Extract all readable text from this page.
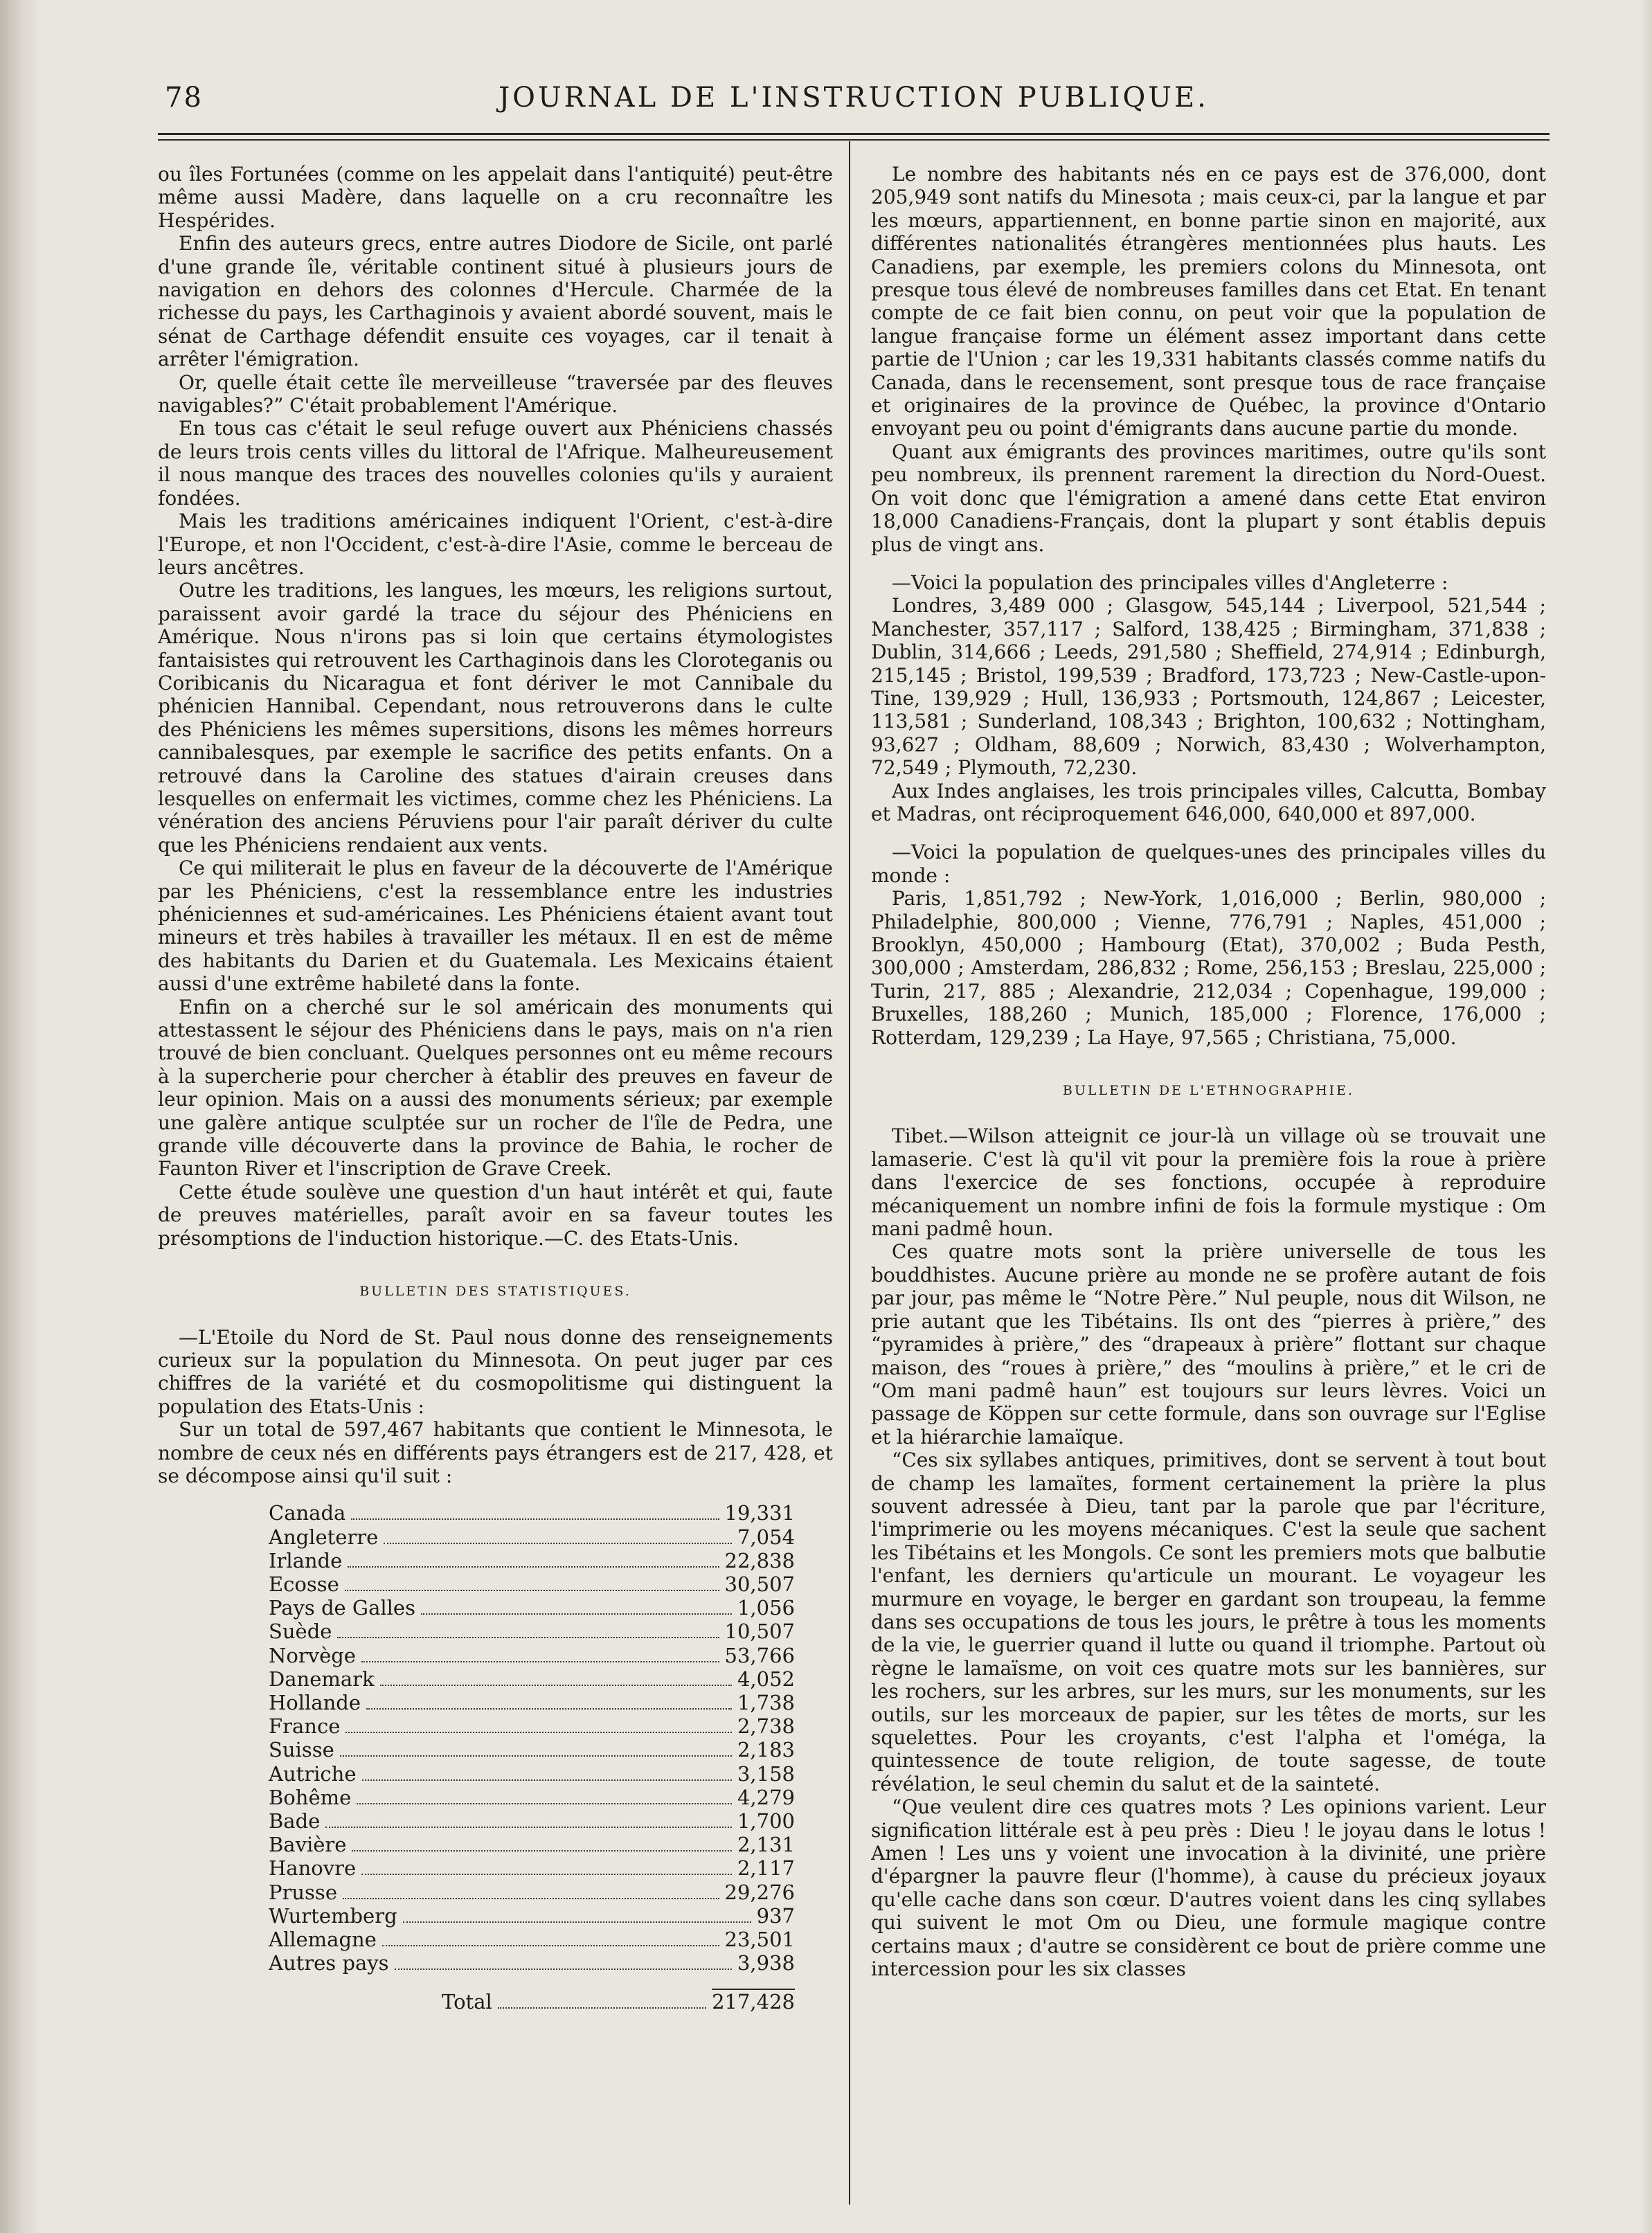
78	JOURNAL DE L'INSTRUCTION PUBLIQUE.

ou îles Fortunées (comme on les appelait dans l'antiquité) peut-être même aussi Madère, dans laquelle on a cru reconnaître les Hespérides.

Enfin des auteurs grecs, entre autres Diodore de Sicile, ont parlé d'une grande île, véritable continent situé à plusieurs jours de navigation en dehors des colonnes d'Hercule. Charmée de la richesse du pays, les Carthaginois y avaient abordé souvent, mais le sénat de Carthage défendit ensuite ces voyages, car il tenait à arrêter l'émigration.

Or, quelle était cette île merveilleuse “traversée par des fleuves navigables?” C'était probablement l'Amérique.

En tous cas c'était le seul refuge ouvert aux Phéniciens chassés de leurs trois cents villes du littoral de l'Afrique. Malheureusement il nous manque des traces des nouvelles colonies qu'ils y auraient fondées.

Mais les traditions américaines indiquent l'Orient, c'est-à-dire l'Europe, et non l'Occident, c'est-à-dire l'Asie, comme le berceau de leurs ancêtres.

Outre les traditions, les langues, les mœurs, les religions surtout, paraissent avoir gardé la trace du séjour des Phéniciens en Amérique. Nous n'irons pas si loin que certains étymologistes fantaisistes qui retrouvent les Carthaginois dans les Cloroteganis ou Coribicanis du Nicaragua et font dériver le mot Cannibale du phénicien Hannibal. Cependant, nous retrouverons dans le culte des Phéniciens les mêmes supersitions, disons les mêmes horreurs cannibalesques, par exemple le sacrifice des petits enfants. On a retrouvé dans la Caroline des statues d'airain creuses dans lesquelles on enfermait les victimes, comme chez les Phéniciens. La vénération des anciens Péruviens pour l'air paraît dériver du culte que les Phéniciens rendaient aux vents.

Ce qui militerait le plus en faveur de la découverte de l'Amérique par les Phéniciens, c'est la ressemblance entre les industries phéniciennes et sud-américaines. Les Phéniciens étaient avant tout mineurs et très habiles à travailler les métaux. Il en est de même des habitants du Darien et du Guatemala. Les Mexicains étaient aussi d'une extrême habileté dans la fonte.

Enfin on a cherché sur le sol américain des monuments qui attestassent le séjour des Phéniciens dans le pays, mais on n'a rien trouvé de bien concluant. Quelques personnes ont eu même recours à la supercherie pour chercher à établir des preuves en faveur de leur opinion. Mais on a aussi des monuments sérieux; par exemple une galère antique sculptée sur un rocher de l'île de Pedra, une grande ville découverte dans la province de Bahia, le rocher de Faunton River et l'inscription de Grave Creek.

Cette étude soulève une question d'un haut intérêt et qui, faute de preuves matérielles, paraît avoir en sa faveur toutes les présomptions de l'induction historique.—C. des Etats-Unis.

BULLETIN DES STATISTIQUES.

—L'Etoile du Nord de St. Paul nous donne des renseignements curieux sur la population du Minnesota. On peut juger par ces chiffres de la variété et du cosmopolitisme qui distinguent la population des Etats-Unis :

Sur un total de 597,467 habitants que contient le Minnesota, le nombre de ceux nés en différents pays étrangers est de 217, 428, et se décompose ainsi qu'il suit :

Canada	19,331
Angleterre	7,054
Irlande	22,838
Ecosse	30,507
Pays de Galles	1,056
Suède	10,507
Norvège	53,766
Danemark	4,052
Hollande	1,738
France	2,738
Suisse	2,183
Autriche	3,158
Bohême	4,279
Bade	1,700
Bavière	2,131
Hanovre	2,117
Prusse	29,276
Wurtemberg	937
Allemagne	23,501
Autres pays	3,938
Total	217,428

Le nombre des habitants nés en ce pays est de 376,000, dont 205,949 sont natifs du Minesota ; mais ceux-ci, par la langue et par les mœurs, appartiennent, en bonne partie sinon en majorité, aux différentes nationalités étrangères mentionnées plus hauts. Les Canadiens, par exemple, les premiers colons du Minnesota, ont presque tous élevé de nombreuses familles dans cet Etat. En tenant compte de ce fait bien connu, on peut voir que la population de langue française forme un élément assez important dans cette partie de l'Union ; car les 19,331 habitants classés comme natifs du Canada, dans le recensement, sont presque tous de race française et originaires de la province de Québec, la province d'Ontario envoyant peu ou point d'émigrants dans aucune partie du monde.

Quant aux émigrants des provinces maritimes, outre qu'ils sont peu nombreux, ils prennent rarement la direction du Nord-Ouest. On voit donc que l'émigration a amené dans cette Etat environ 18,000 Canadiens-Français, dont la plupart y sont établis depuis plus de vingt ans.

—Voici la population des principales villes d'Angleterre :

Londres, 3,489 000 ; Glasgow, 545,144 ; Liverpool, 521,544 ; Manchester, 357,117 ; Salford, 138,425 ; Birmingham, 371,838 ; Dublin, 314,666 ; Leeds, 291,580 ; Sheffield, 274,914 ; Edinburgh, 215,145 ; Bristol, 199,539 ; Bradford, 173,723 ; New-Castle-upon-Tine, 139,929 ; Hull, 136,933 ; Portsmouth, 124,867 ; Leicester, 113,581 ; Sunderland, 108,343 ; Brighton, 100,632 ; Nottingham, 93,627 ; Oldham, 88,609 ; Norwich, 83,430 ; Wolverhampton, 72,549 ; Plymouth, 72,230.

Aux Indes anglaises, les trois principales villes, Calcutta, Bombay et Madras, ont réciproquement 646,000, 640,000 et 897,000.

—Voici la population de quelques-unes des principales villes du monde :

Paris, 1,851,792 ; New-York, 1,016,000 ; Berlin, 980,000 ; Philadelphie, 800,000 ; Vienne, 776,791 ; Naples, 451,000 ; Brooklyn, 450,000 ; Hambourg (Etat), 370,002 ; Buda Pesth, 300,000 ; Amsterdam, 286,832 ; Rome, 256,153 ; Breslau, 225,000 ; Turin, 217, 885 ; Alexandrie, 212,034 ; Copenhague, 199,000 ; Bruxelles, 188,260 ; Munich, 185,000 ; Florence, 176,000 ; Rotterdam, 129,239 ; La Haye, 97,565 ; Christiana, 75,000.

BULLETIN DE L'ETHNOGRAPHIE.

Tibet.—Wilson atteignit ce jour-là un village où se trouvait une lamaserie. C'est là qu'il vit pour la première fois la roue à prière dans l'exercice de ses fonctions, occupée à reproduire mécaniquement un nombre infini de fois la formule mystique : Om mani padmê houn.

Ces quatre mots sont la prière universelle de tous les bouddhistes. Aucune prière au monde ne se profère autant de fois par jour, pas même le “Notre Père.” Nul peuple, nous dit Wilson, ne prie autant que les Tibétains. Ils ont des “pierres à prière,” des “pyramides à prière,” des “drapeaux à prière” flottant sur chaque maison, des “roues à prière,” des “moulins à prière,” et le cri de “Om mani padmê haun” est toujours sur leurs lèvres. Voici un passage de Köppen sur cette formule, dans son ouvrage sur l'Eglise et la hiérarchie lamaïque.

“Ces six syllabes antiques, primitives, dont se servent à tout bout de champ les lamaïtes, forment certainement la prière la plus souvent adressée à Dieu, tant par la parole que par l'écriture, l'imprimerie ou les moyens mécaniques. C'est la seule que sachent les Tibétains et les Mongols. Ce sont les premiers mots que balbutie l'enfant, les derniers qu'articule un mourant. Le voyageur les murmure en voyage, le berger en gardant son troupeau, la femme dans ses occupations de tous les jours, le prêtre à tous les moments de la vie, le guerrier quand il lutte ou quand il triomphe. Partout où règne le lamaïsme, on voit ces quatre mots sur les bannières, sur les rochers, sur les arbres, sur les murs, sur les monuments, sur les outils, sur les morceaux de papier, sur les têtes de morts, sur les squelettes. Pour les croyants, c'est l'alpha et l'oméga, la quintessence de toute religion, de toute sagesse, de toute révélation, le seul chemin du salut et de la sainteté.

“Que veulent dire ces quatres mots ? Les opinions varient. Leur signification littérale est à peu près : Dieu ! le joyau dans le lotus ! Amen ! Les uns y voient une invocation à la divinité, une prière d'épargner la pauvre fleur (l'homme), à cause du précieux joyaux qu'elle cache dans son cœur. D'autres voient dans les cinq syllabes qui suivent le mot Om ou Dieu, une formule magique contre certains maux ; d'autre se considèrent ce bout de prière comme une intercession pour les six classes
